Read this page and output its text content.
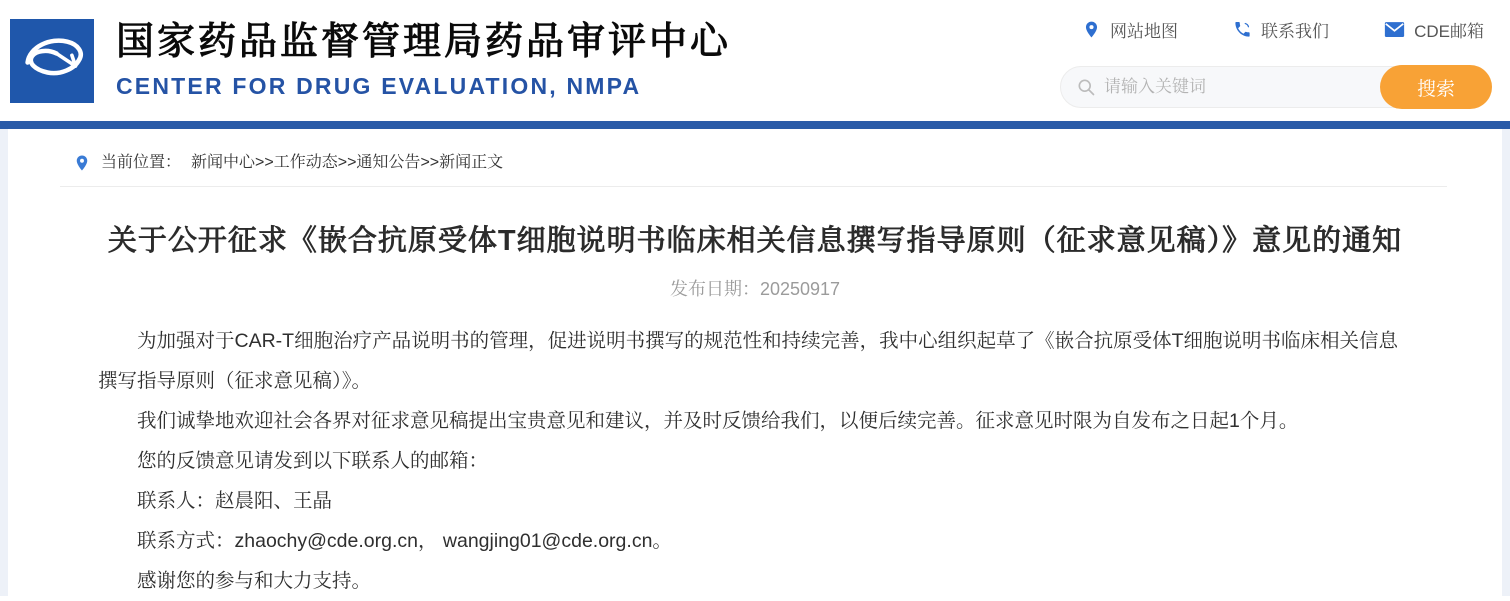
国家药品监督管理局药品审评中心
CENTER FOR DRUG EVALUATION, NMPA
网站地图	联系我们	CDE邮箱
请输入关键词
搜索
当前位置： 新闻中心>>工作动态>>通知公告>>新闻正文
关于公开征求《嵌合抗原受体T细胞说明书临床相关信息撰写指导原则（征求意见稿）》意见的通知
发布日期：20250917

为加强对于CAR-T细胞治疗产品说明书的管理，促进说明书撰写的规范性和持续完善，我中心组织起草了《嵌合抗原受体T细胞说明书临床相关信息撰写指导原则（征求意见稿）》。

我们诚挚地欢迎社会各界对征求意见稿提出宝贵意见和建议，并及时反馈给我们，以便后续完善。征求意见时限为自发布之日起1个月。

您的反馈意见请发到以下联系人的邮箱：

联系人：赵晨阳、王晶

联系方式：zhaochy@cde.org.cn， wangjing01@cde.org.cn。

感谢您的参与和大力支持。
